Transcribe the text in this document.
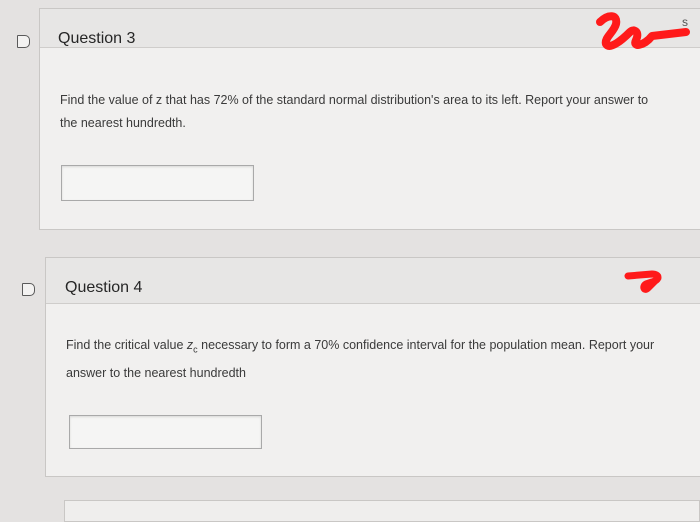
Question 3
Find the value of z that has 72% of the standard normal distribution's area to its left. Report your answer to the nearest hundredth.
s
Question 4
Find the critical value $z_c$ necessary to form a 70% confidence interval for the population mean. Report your answer to the nearest hundredth
